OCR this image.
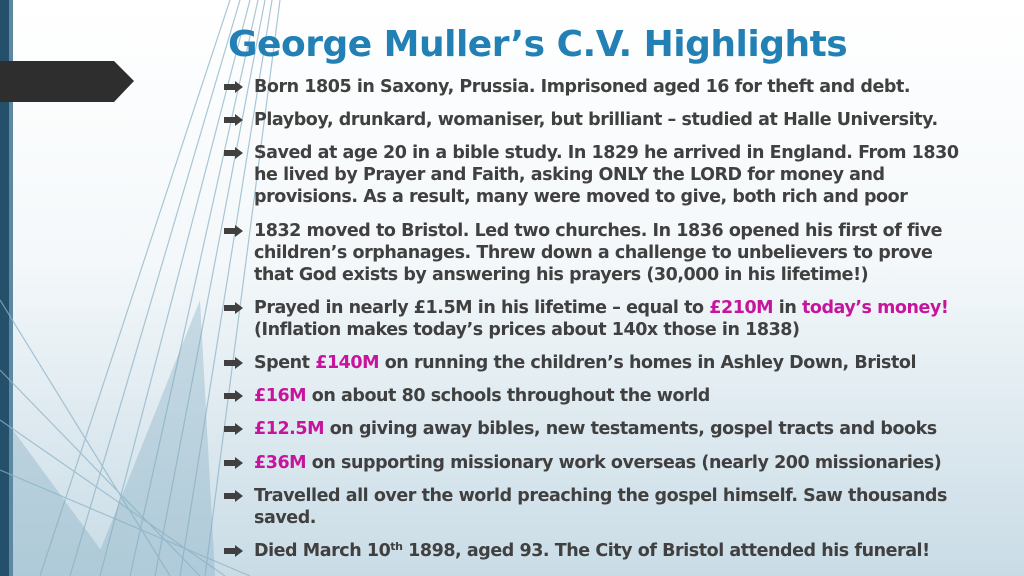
George Muller’s C.V. Highlights
Born 1805 in Saxony, Prussia. Imprisoned aged 16 for theft and debt.
Playboy, drunkard, womaniser, but brilliant – studied at Halle University.
Saved at age 20 in a bible study. In 1829 he arrived in England. From 1830 he lived by Prayer and Faith, asking ONLY the LORD for money and provisions. As a result, many were moved to give, both rich and poor
1832 moved to Bristol. Led two churches. In 1836 opened his first of five children’s orphanages. Threw down a challenge to unbelievers to prove that God exists by answering his prayers (30,000 in his lifetime!)
Prayed in nearly £1.5M in his lifetime – equal to £210M in today’s money! (Inflation makes today’s prices about 140x those in 1838)
Spent £140M on running the children’s homes in Ashley Down, Bristol
£16M on about 80 schools throughout the world
£12.5M on giving away bibles, new testaments, gospel tracts and books
£36M on supporting missionary work overseas (nearly 200 missionaries)
Travelled all over the world preaching the gospel himself. Saw thousands saved.
Died March 10th 1898, aged 93. The City of Bristol attended his funeral!
